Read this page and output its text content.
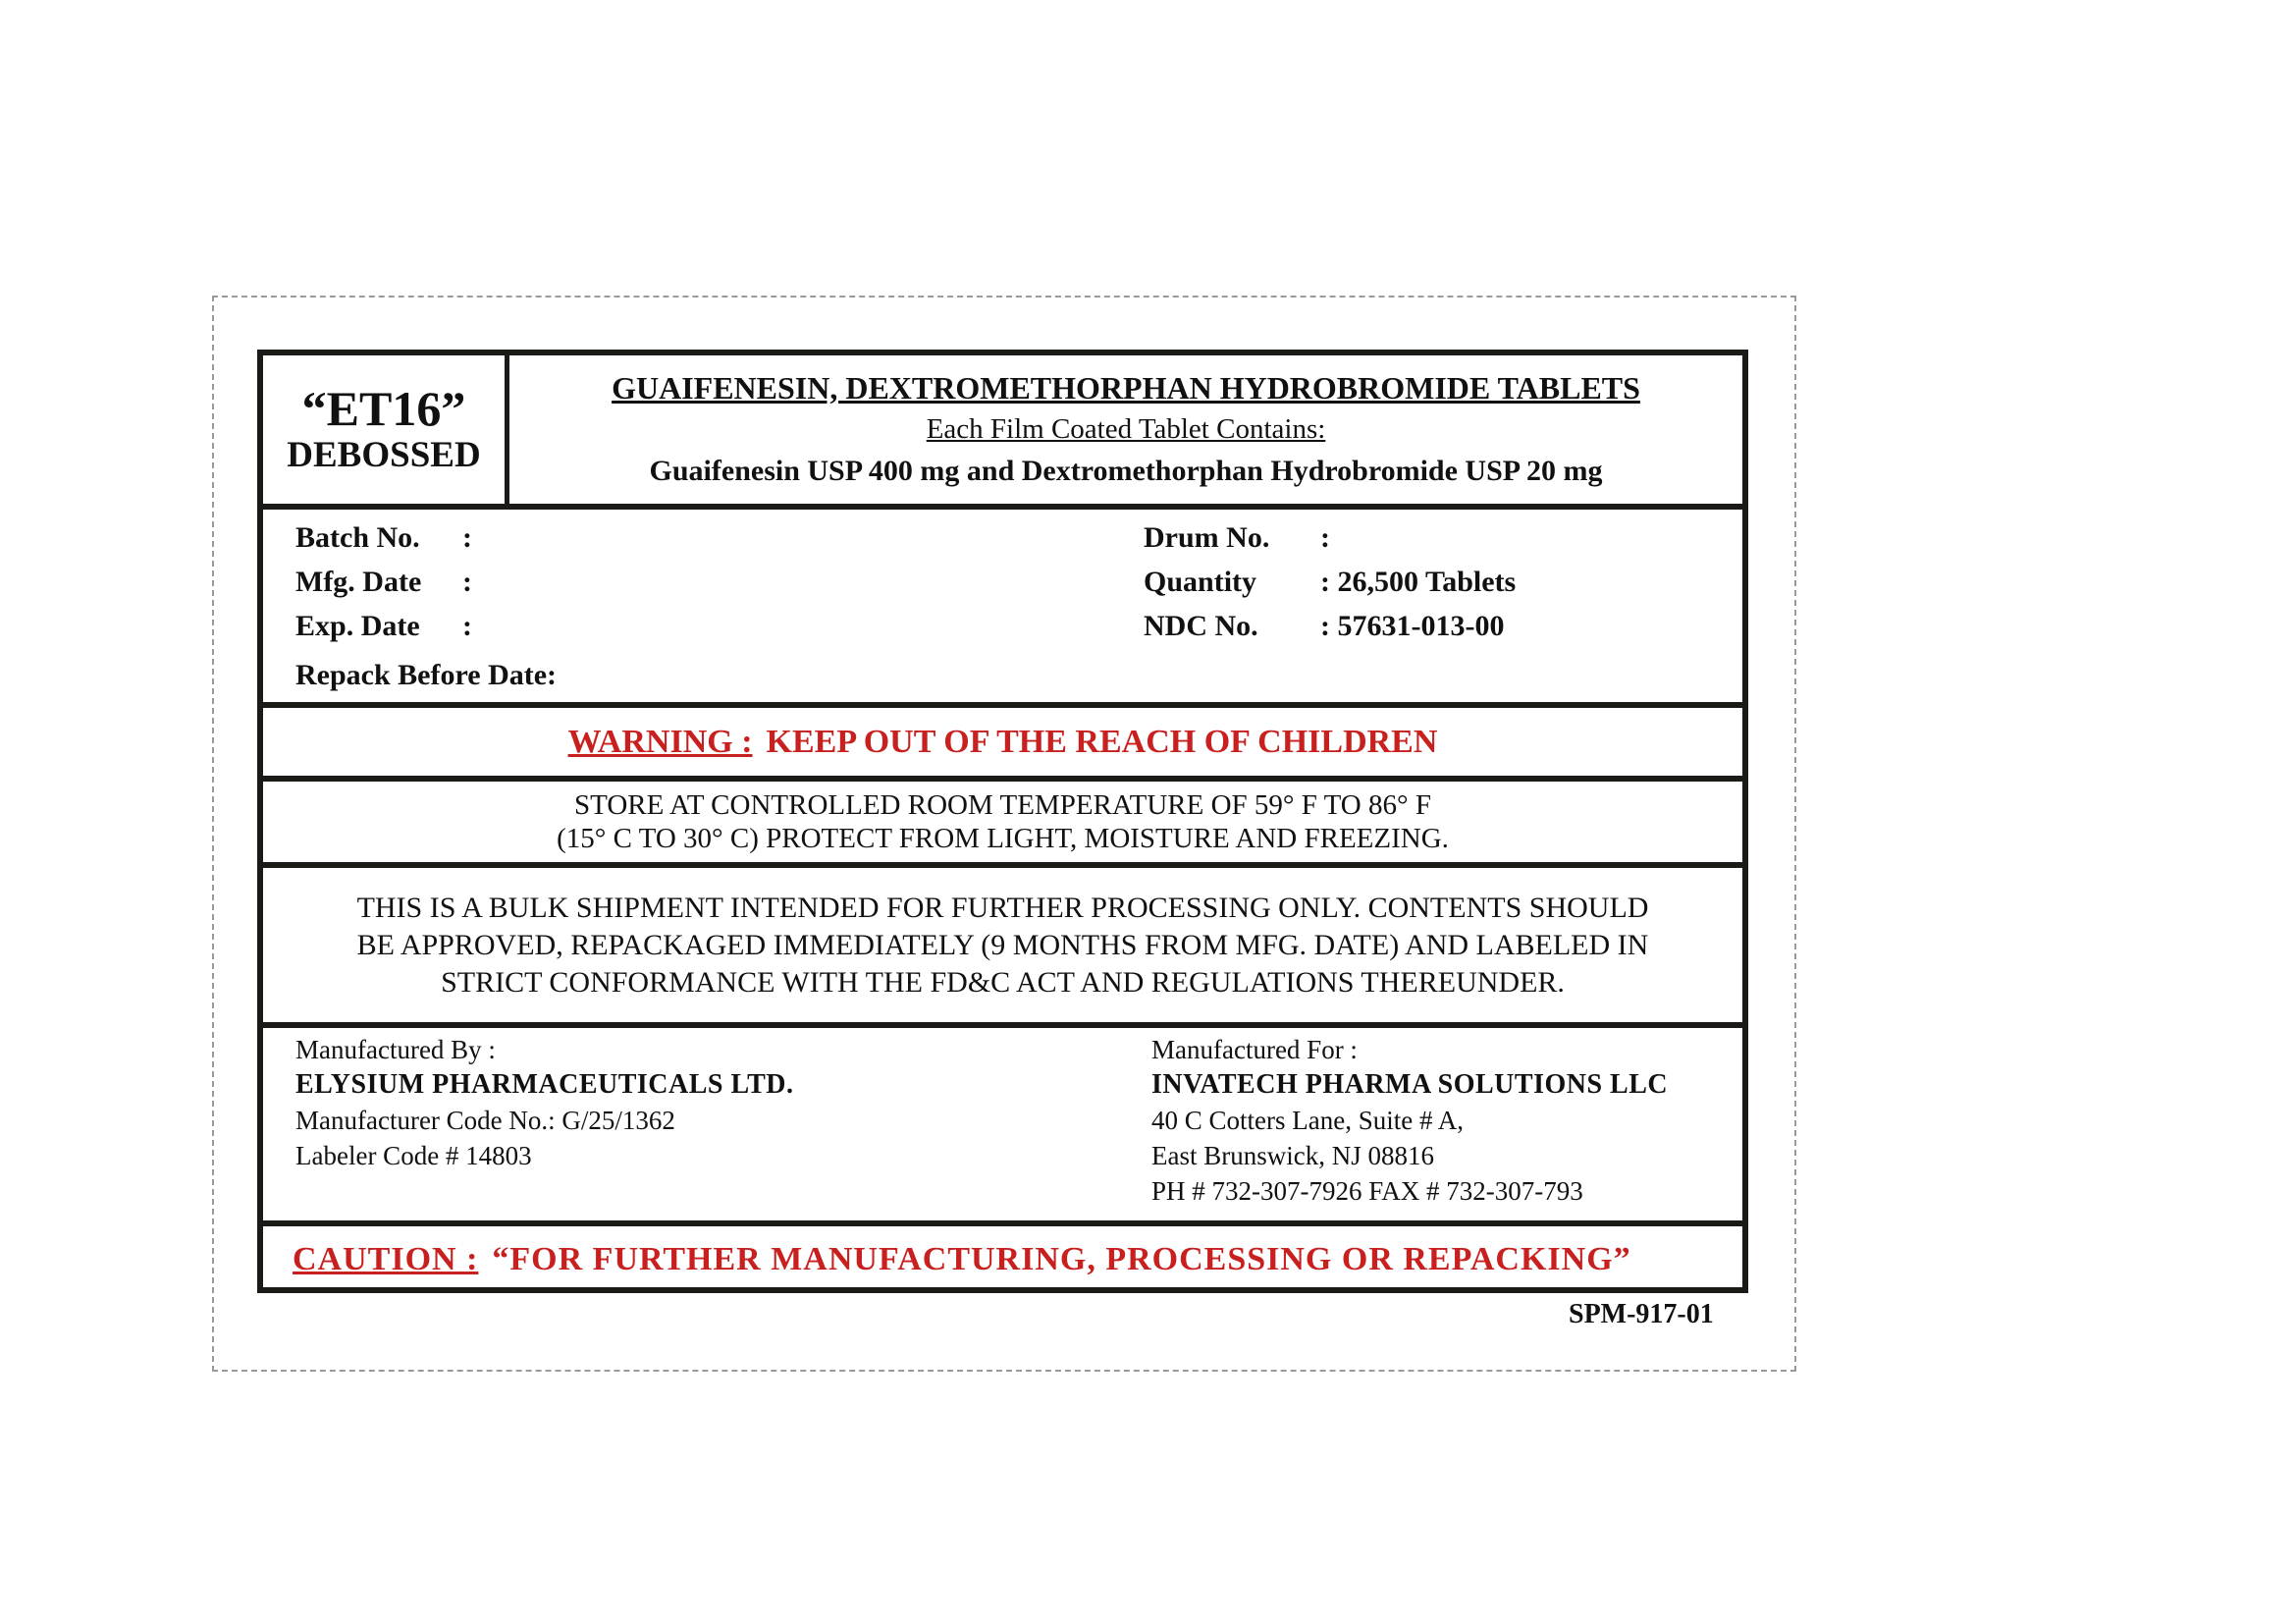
“ET16”
DEBOSSED
GUAIFENESIN, DEXTROMETHORPHAN HYDROBROMIDE TABLETS
Each Film Coated Tablet Contains:
Guaifenesin USP 400 mg and Dextromethorphan Hydrobromide USP 20 mg
Batch No.	:
Mfg. Date	:
Exp. Date	:
Repack Before Date:
Drum No.	:
Quantity	: 26,500 Tablets
NDC No.	: 57631-013-00
WARNING : KEEP OUT OF THE REACH OF CHILDREN
STORE AT CONTROLLED ROOM TEMPERATURE OF 59° F TO 86° F
(15° C TO 30° C) PROTECT FROM LIGHT, MOISTURE AND FREEZING.
THIS IS A BULK SHIPMENT INTENDED FOR FURTHER PROCESSING ONLY. CONTENTS SHOULD
BE APPROVED, REPACKAGED IMMEDIATELY (9 MONTHS FROM MFG. DATE) AND LABELED IN
STRICT CONFORMANCE WITH THE FD&C ACT AND REGULATIONS THEREUNDER.
Manufactured By :
ELYSIUM PHARMACEUTICALS LTD.
Manufacturer Code No.: G/25/1362
Labeler Code # 14803
Manufactured For :
INVATECH PHARMA SOLUTIONS LLC
40 C Cotters Lane, Suite # A,
East Brunswick, NJ 08816
PH # 732-307-7926 FAX # 732-307-793
CAUTION : “FOR FURTHER MANUFACTURING, PROCESSING OR REPACKING”
SPM-917-01
